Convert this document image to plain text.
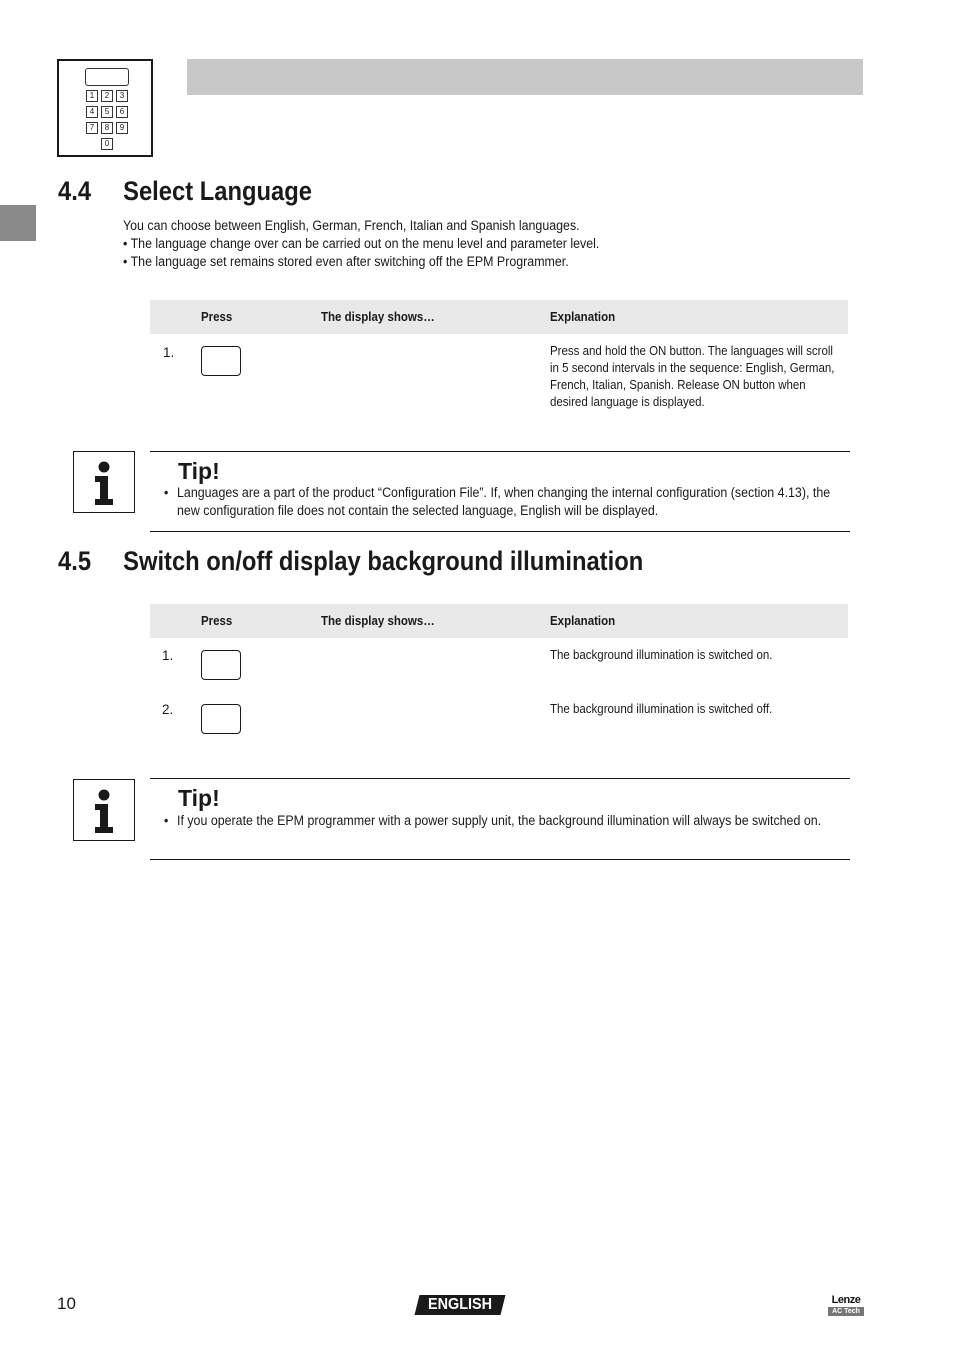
1	2	3
4	5	6
7	8	9
0
4.4 Select Language
You can choose between English, German, French, Italian and Spanish languages.
• The language change over can be carried out on the menu level and parameter level.
• The language set remains stored even after switching off the EPM Programmer.
Press	The display shows…	Explanation
1.	Press and hold the ON button. The languages will scroll in 5 second intervals in the sequence: English, German, French, Italian, Spanish. Release ON button when desired language is displayed.
Tip!
• Languages are a part of the product “Configuration File”. If, when changing the internal configuration (section 4.13), the new configuration file does not contain the selected language, English will be displayed.
4.5 Switch on/off display background illumination
Press	The display shows…	Explanation
1.	The background illumination is switched on.
2.	The background illumination is switched off.
Tip!
• If you operate the EPM programmer with a power supply unit, the background illumination will always be switched on.
10	ENGLISH	Lenze
AC Tech
